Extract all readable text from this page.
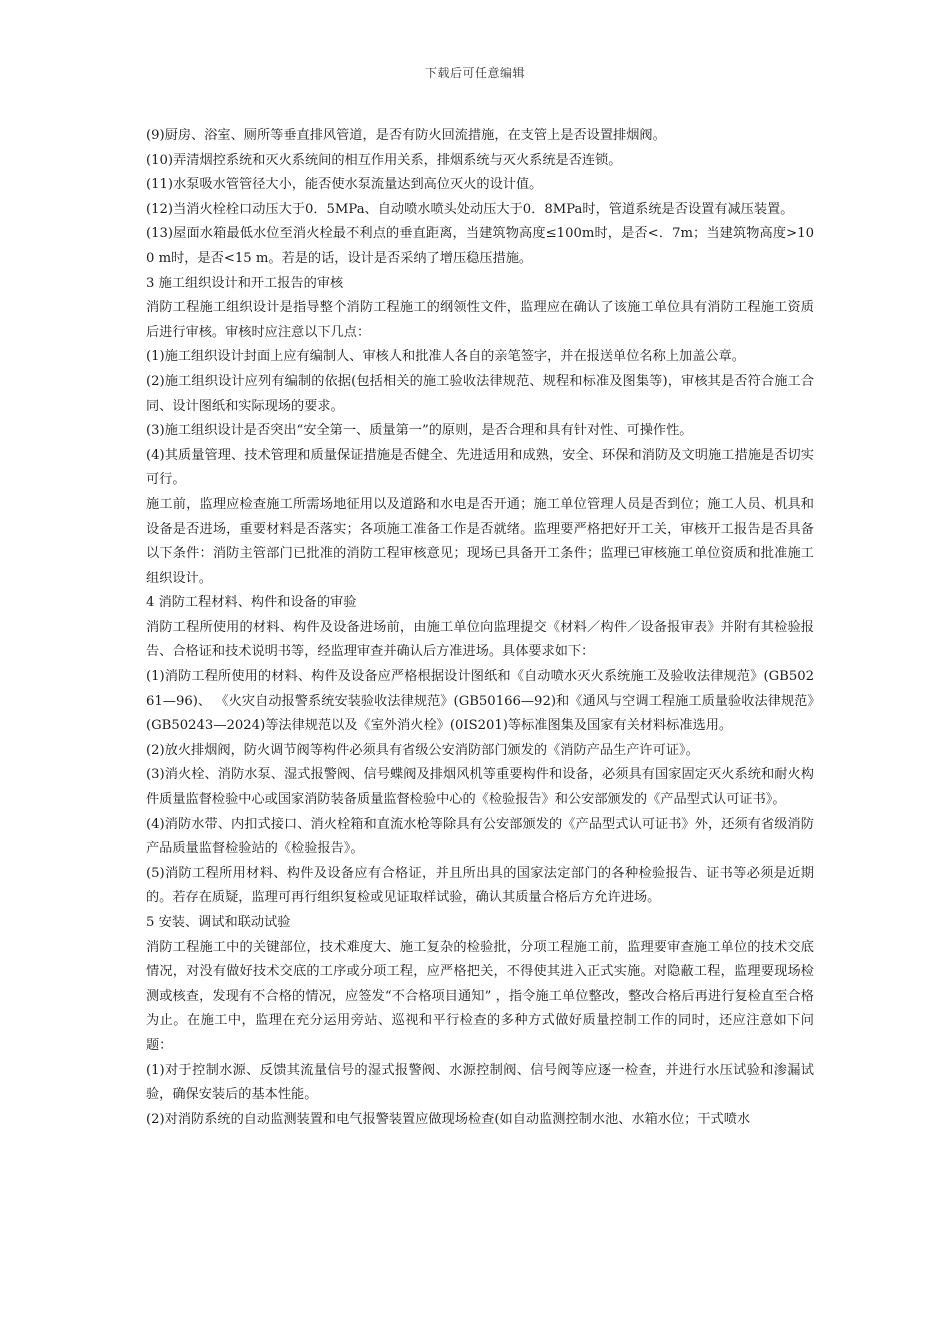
下载后可任意编辑

(9)厨房、浴室、厕所等垂直排风管道，是否有防火回流措施，在支管上是否设置排烟阀。

(10)弄清烟控系统和灭火系统间的相互作用关系，排烟系统与灭火系统是否连锁。

(11)水泵吸水管管径大小，能否使水泵流量达到高位灭火的设计值。

(12)当消火栓栓口动压大于0．5MPa、自动喷水喷头处动压大于0．8MPa时，管道系统是否设置有减压装置。

(13)屋面水箱最低水位至消火栓最不利点的垂直距离，当建筑物高度≤100m时，是否<．7m；当建筑物高度>100 m时，是否<15 m。若是的话，设计是否采纳了增压稳压措施。

3 施工组织设计和开工报告的审核

消防工程施工组织设计是指导整个消防工程施工的纲领性文件，监理应在确认了该施工单位具有消防工程施工资质后进行审核。审核时应注意以下几点：

(1)施工组织设计封面上应有编制人、审核人和批准人各自的亲笔签字，并在报送单位名称上加盖公章。

(2)施工组织设计应列有编制的依据(包括相关的施工验收法律规范、规程和标准及图集等)，审核其是否符合施工合同、设计图纸和实际现场的要求。

(3)施工组织设计是否突出“安全第一、质量第一”的原则，是否合理和具有针对性、可操作性。

(4)其质量管理、技术管理和质量保证措施是否健全、先进适用和成熟，安全、环保和消防及文明施工措施是否切实可行。

施工前，监理应检查施工所需场地征用以及道路和水电是否开通；施工单位管理人员是否到位；施工人员、机具和设备是否进场，重要材料是否落实；各项施工准备工作是否就绪。监理要严格把好开工关，审核开工报告是否具备以下条件：消防主管部门已批准的消防工程审核意见；现场已具备开工条件；监理已审核施工单位资质和批准施工组织设计。

4 消防工程材料、构件和设备的审验

消防工程所使用的材料、构件及设备进场前，由施工单位向监理提交《材料／构件／设备报审表》并附有其检验报告、合格证和技术说明书等，经监理审查并确认后方准进场。具体要求如下：

(1)消防工程所使用的材料、构件及设备应严格根据设计图纸和《自动喷水灭火系统施工及验收法律规范》(GB50261—96)、 《火灾自动报警系统安装验收法律规范》(GB50166—92)和《通风与空调工程施工质量验收法律规范》(GB50243—2024)等法律规范以及《室外消火栓》(0IS201)等标准图集及国家有关材料标准选用。

(2)放火排烟阀，防火调节阀等构件必须具有省级公安消防部门颁发的《消防产品生产许可证》。

(3)消火栓、消防水泵、湿式报警阀、信号蝶阀及排烟风机等重要构件和设备，必须具有国家固定灭火系统和耐火构件质量监督检验中心或国家消防装备质量监督检验中心的《检验报告》和公安部颁发的《产品型式认可证书》。

(4)消防水带、内扣式接口、消火栓箱和直流水枪等除具有公安部颁发的《产品型式认可证书》外，还须有省级消防产品质量监督检验站的《检验报告》。

(5)消防工程所用材料、构件及设备应有合格证，并且所出具的国家法定部门的各种检验报告、证书等必须是近期的。若存在质疑，监理可再行组织复检或见证取样试验，确认其质量合格后方允许进场。

5 安装、调试和联动试验

消防工程施工中的关键部位，技术难度大、施工复杂的检验批，分项工程施工前，监理要审查施工单位的技术交底情况，对没有做好技术交底的工序或分项工程，应严格把关，不得使其进入正式实施。对隐蔽工程，监理要现场检测或核查，发现有不合格的情况，应签发“不合格项目通知” ，指令施工单位整改，整改合格后再进行复检直至合格为止。在施工中，监理在充分运用旁站、巡视和平行检查的多种方式做好质量控制工作的同时，还应注意如下问题：

(1)对于控制水源、反馈其流量信号的湿式报警阀、水源控制阀、信号阀等应逐一检查，并进行水压试验和渗漏试验，确保安装后的基本性能。

(2)对消防系统的自动监测装置和电气报警装置应做现场检查(如自动监测控制水池、水箱水位；干式喷水
